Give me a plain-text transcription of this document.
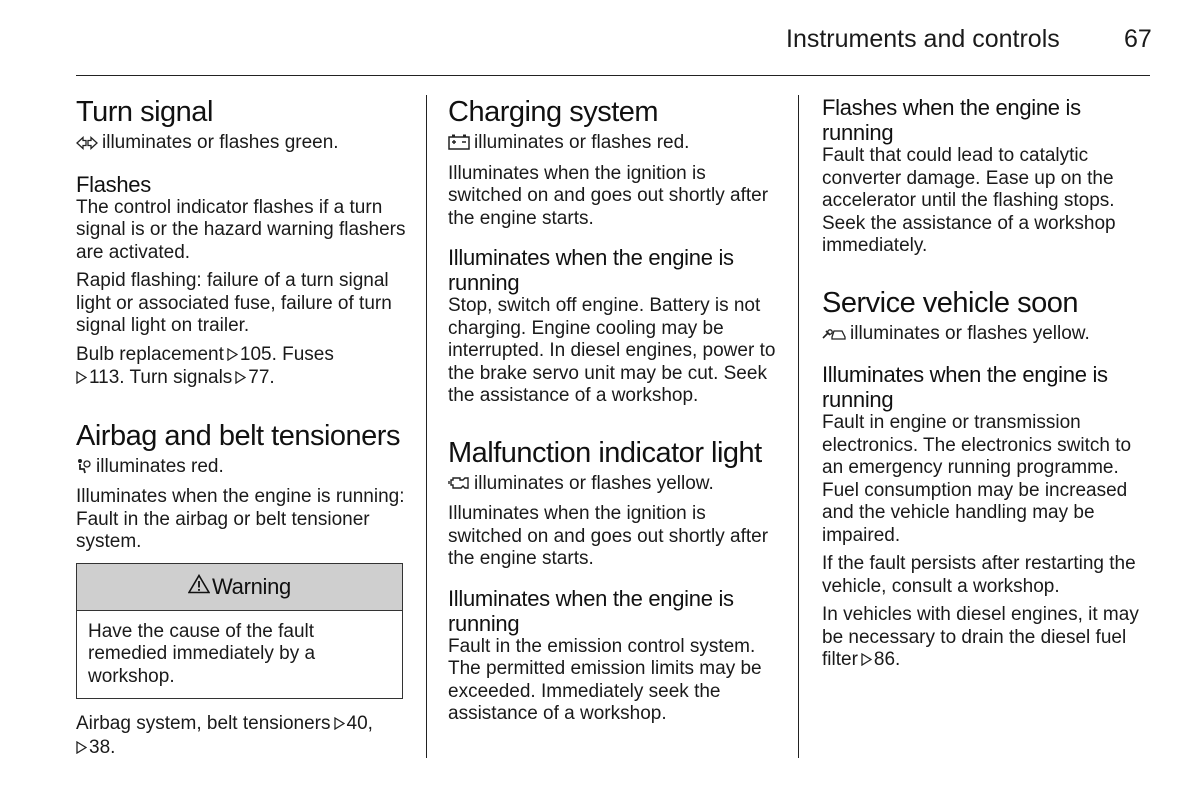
Instruments and controls	67
Turn signal
illuminates or flashes green.
Flashes
The control indicator flashes if a turn signal is or the hazard warning flashers are activated.
Rapid flashing: failure of a turn signal light or associated fuse, failure of turn signal light on trailer.
Bulb replacement 105. Fuses
113. Turn signals 77.
Airbag and belt tensioners
illuminates red.
Illuminates when the engine is running: Fault in the airbag or belt tensioner system.
Warning
Have the cause of the fault remedied immediately by a workshop.
Airbag system, belt tensioners 40,
38.
Charging system
illuminates or flashes red.
Illuminates when the ignition is switched on and goes out shortly after the engine starts.
Illuminates when the engine is running
Stop, switch off engine. Battery is not charging. Engine cooling may be interrupted. In diesel engines, power to the brake servo unit may be cut. Seek the assistance of a workshop.
Malfunction indicator light
illuminates or flashes yellow.
Illuminates when the ignition is switched on and goes out shortly after the engine starts.
Illuminates when the engine is running
Fault in the emission control system. The permitted emission limits may be exceeded. Immediately seek the assistance of a workshop.
Flashes when the engine is running
Fault that could lead to catalytic converter damage. Ease up on the accelerator until the flashing stops. Seek the assistance of a workshop immediately.
Service vehicle soon
illuminates or flashes yellow.
Illuminates when the engine is running
Fault in engine or transmission electronics. The electronics switch to an emergency running programme. Fuel consumption may be increased and the vehicle handling may be impaired.
If the fault persists after restarting the vehicle, consult a workshop.
In vehicles with diesel engines, it may be necessary to drain the diesel fuel filter 86.
